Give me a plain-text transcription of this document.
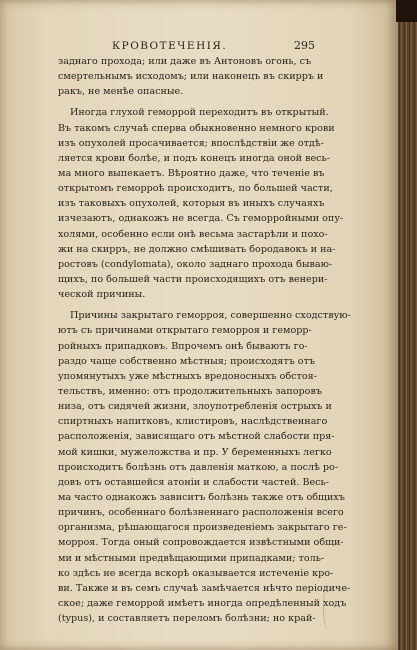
КРОВОТЕЧЕНІЯ.	295
заднаго прохода; или даже въ Антоновъ огонь, съ
смертельнымъ исходомъ; или наконецъ въ скирръ и
ракъ, не менѣе опасные.
Иногда глухой геморрой переходитъ въ открытый.
Въ такомъ случаѣ сперва обыкновенно немного крови
изъ опухолей просачивается; впослѣдствіи же отдѣ-
ляется крови болѣе, и подъ конецъ иногда оной весь-
ма много выпекаетъ. Вѣроятно даже, что теченіе въ
открытомъ геморроѣ происходитъ, по большей части,
изъ таковыхъ опухолей, которыя въ иныхъ случаяхъ
изчезаютъ, однакожъ не всегда. Съ геморройными опу-
холями, особенно если онѣ весьма заcтарѣли и похо-
жи на скирръ, не должно смѣшивать бородавокъ и на-
ростовъ (condylomata), около заднаго прохода бываю-
щихъ, по большей части происходящихъ отъ венери-
ческой причины.
Причины закрытаго геморроя, совершенно сходствую-
ютъ съ причинами открытаго геморроя и геморр-
ройныхъ припадковъ. Впрочемъ онѣ бываютъ го-
раздо чаще собственно мѣстныя; происходятъ отъ
упомянутыхъ уже мѣстныхъ вредоносныхъ обстоя-
тельствъ, именно: отъ продолжительныхъ запоровъ
низа, отъ сидячей жизни, злоупотребленія острыхъ и
спиртныхъ напитковъ, клистировъ, наслѣдственнаго
расположенія, зависящаго отъ мѣстной слабости пря-
мой кишки, мужеложства и пр. У беременныхъ легко
происходитъ болѣзнь отъ давленія маткою, а послѣ ро-
довъ отъ оставшейся атоніи и слабости частей. Весь-
ма часто однакожъ зависитъ болѣзнь также отъ общихъ
причинъ, особеннаго болѣзненнаго расположенія всего
организма, рѣшающагося произведеніемъ закрытаго ге-
морроя. Тогда оный сопровождается извѣстными общи-
ми и мѣстными предвѣщающими припадками; толь-
ко здѣсь не всегда вскорѣ оказывается истеченіе кро-
ви. Также и въ семъ случаѣ замѣчается нѣчто періодиче-
ское; даже геморрой имѣетъ иногда опредѣленный ходъ
(typus), и составляетъ переломъ болѣзни; но край-
